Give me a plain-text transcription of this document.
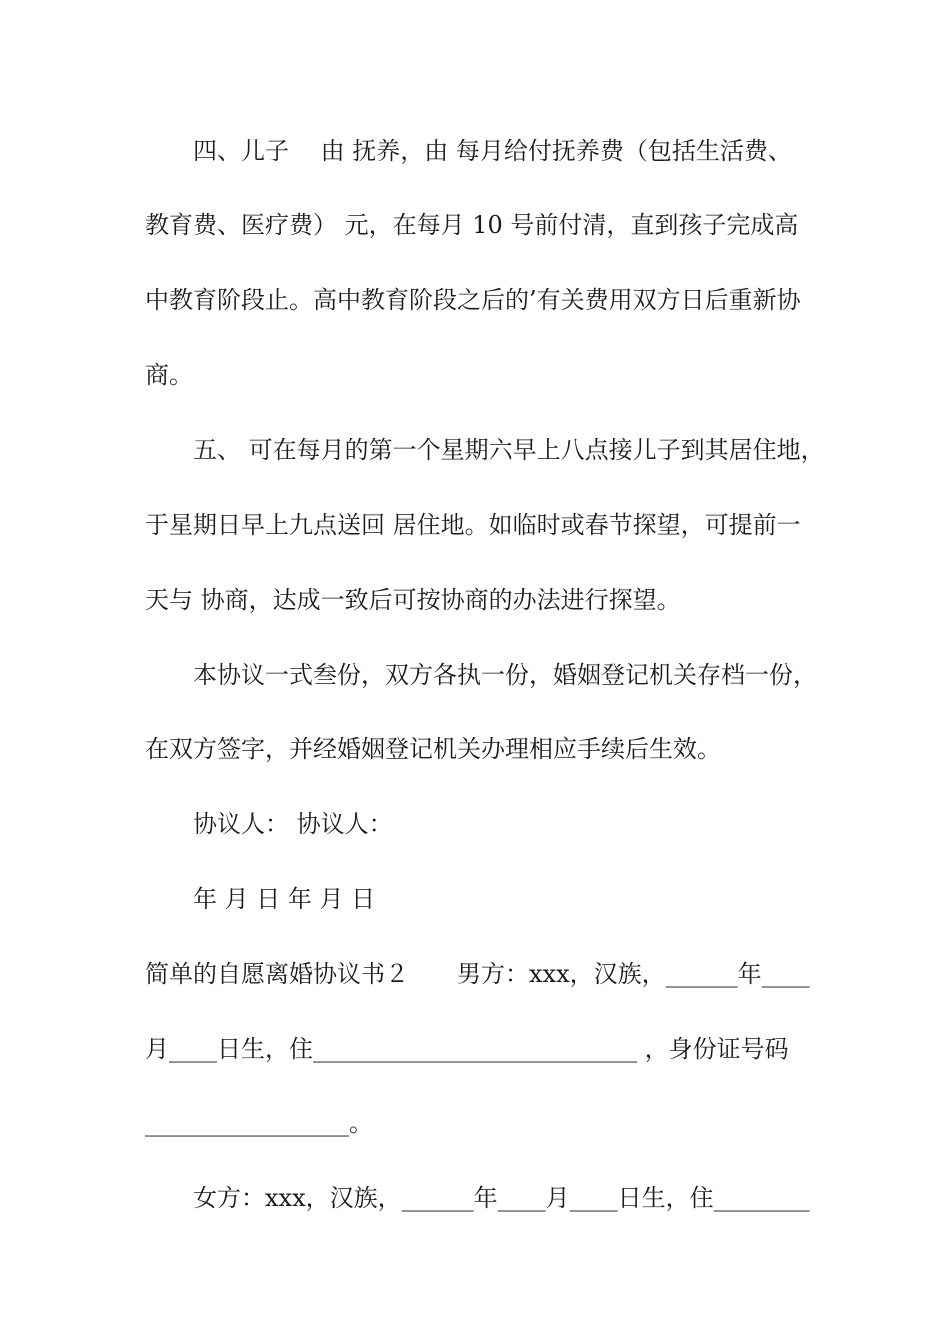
四、儿子　 由 抚养，由 每月给付抚养费（包括生活费、

教育费、医疗费） 元，在每月 10 号前付清，直到孩子完成高

中教育阶段止。高中教育阶段之后的’有关费用双方日后重新协

商。

五、 可在每月的第一个星期六早上八点接儿子到其居住地，

于星期日早上九点送回 居住地。如临时或春节探望，可提前一

天与 协商，达成一致后可按协商的办法进行探望。

本协议一式叁份，双方各执一份，婚姻登记机关存档一份，

在双方签字，并经婚姻登记机关办理相应手续后生效。

协议人： 协议人：

年 月 日 年 月 日

简单的自愿离婚协议书２　　男方：xxx，汉族，______年____

月____日生，住___________________________ ，身份证号码

_________________。

女方：xxx，汉族，______年____月____日生，住________
